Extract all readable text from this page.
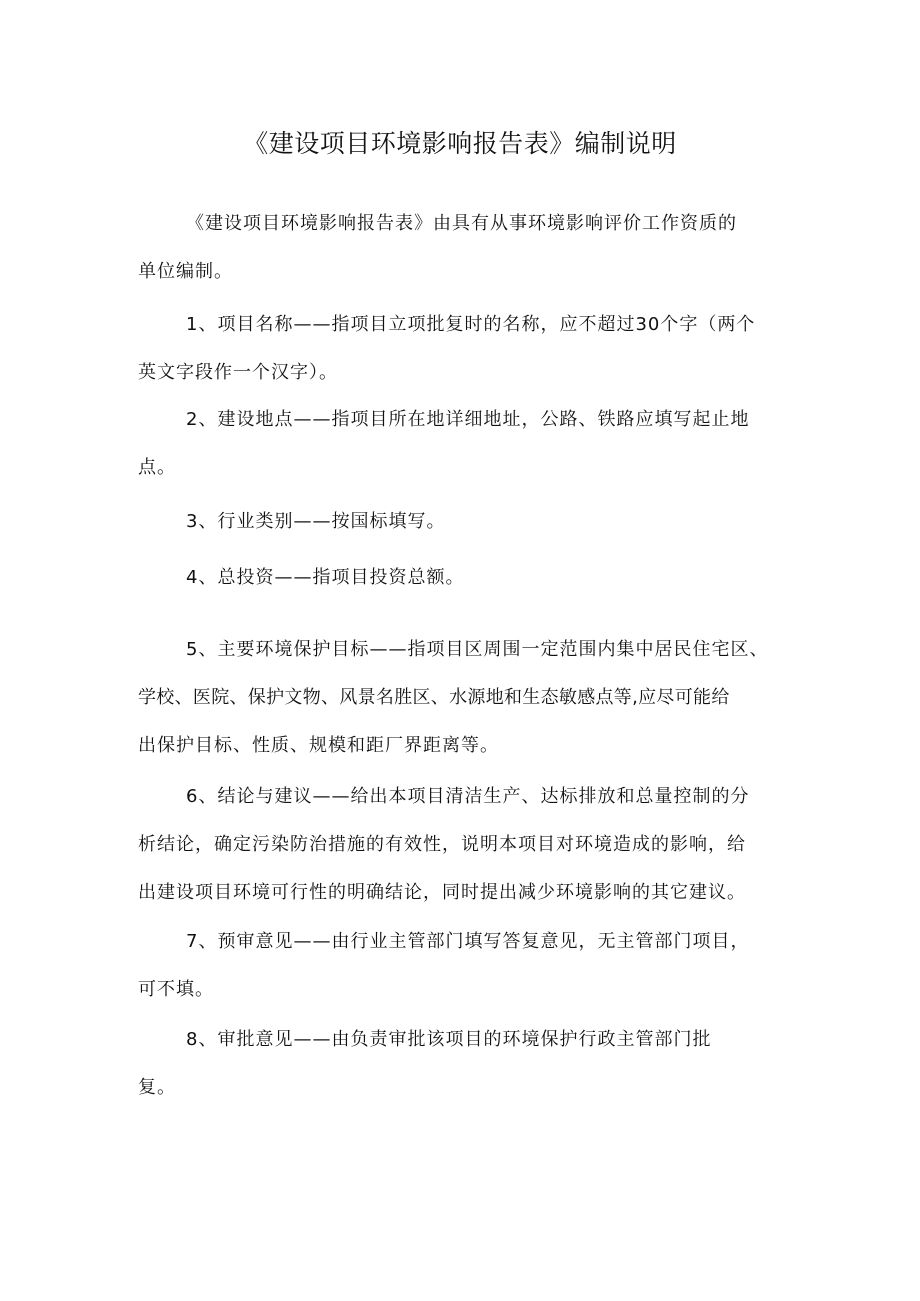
《建设项目环境影响报告表》编制说明
《建设项目环境影响报告表》由具有从事环境影响评价工作资质的
单位编制。
1、项目名称——指项目立项批复时的名称，应不超过30个字（两个
英文字段作一个汉字）。
2、建设地点——指项目所在地详细地址，公路、铁路应填写起止地
点。
3、行业类别——按国标填写。
4、总投资——指项目投资总额。
5、主要环境保护目标——指项目区周围一定范围内集中居民住宅区、
学校、医院、保护文物、风景名胜区、水源地和生态敏感点等,应尽可能给
出保护目标、性质、规模和距厂界距离等。
6、结论与建议——给出本项目清洁生产、达标排放和总量控制的分
析结论，确定污染防治措施的有效性，说明本项目对环境造成的影响，给
出建设项目环境可行性的明确结论，同时提出减少环境影响的其它建议。
7、预审意见——由行业主管部门填写答复意见，无主管部门项目，
可不填。
8、审批意见——由负责审批该项目的环境保护行政主管部门批
复。
